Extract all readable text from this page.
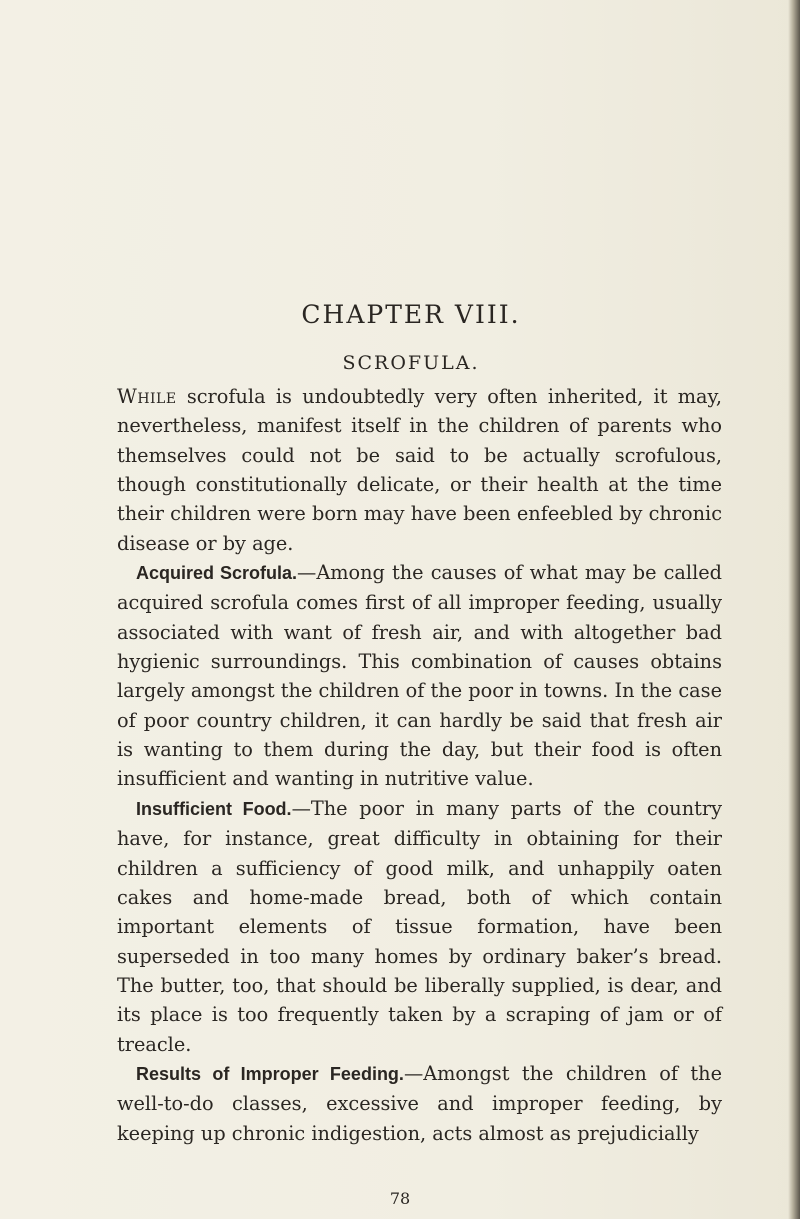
CHAPTER VIII.
SCROFULA.

While scrofula is undoubtedly very often inherited, it may, nevertheless, manifest itself in the children of parents who themselves could not be said to be actually scrofulous, though constitutionally delicate, or their health at the time their children were born may have been enfeebled by chronic disease or by age.

Acquired Scrofula.—Among the causes of what may be called acquired scrofula comes first of all improper feeding, usually associated with want of fresh air, and with altogether bad hygienic surroundings. This combination of causes obtains largely amongst the children of the poor in towns. In the case of poor country children, it can hardly be said that fresh air is wanting to them during the day, but their food is often insufficient and wanting in nutritive value.

Insufficient Food.—The poor in many parts of the country have, for instance, great difficulty in obtaining for their children a sufficiency of good milk, and unhappily oaten cakes and home-made bread, both of which contain important elements of tissue formation, have been superseded in too many homes by ordinary baker’s bread. The butter, too, that should be liberally supplied, is dear, and its place is too frequently taken by a scraping of jam or of treacle.

Results of Improper Feeding.—Amongst the children of the well-to-do classes, excessive and improper feeding, by keeping up chronic indigestion, acts almost as prejudicially

78
